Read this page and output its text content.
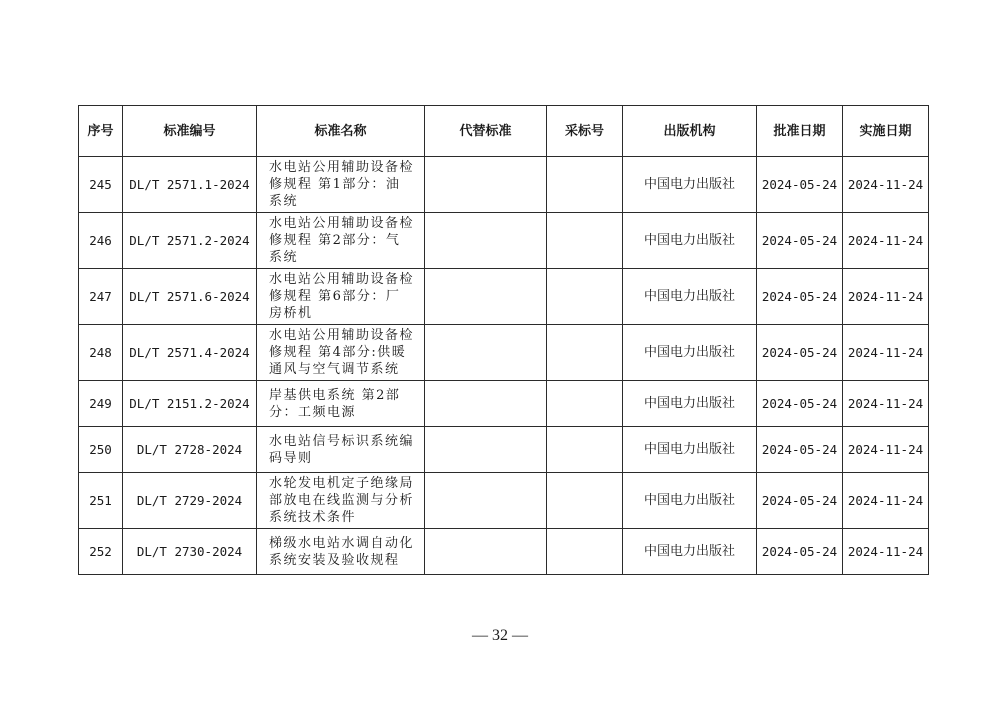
序号	标准编号	标准名称	代替标准	采标号	出版机构	批准日期	实施日期
245	DL/T 2571.1-2024	水电站公用辅助设备检修规程 第1部分：油系统			中国电力出版社	2024-05-24	2024-11-24
246	DL/T 2571.2-2024	水电站公用辅助设备检修规程 第2部分：气系统			中国电力出版社	2024-05-24	2024-11-24
247	DL/T 2571.6-2024	水电站公用辅助设备检修规程 第6部分：厂房桥机			中国电力出版社	2024-05-24	2024-11-24
248	DL/T 2571.4-2024	水电站公用辅助设备检修规程 第4部分:供暖通风与空气调节系统			中国电力出版社	2024-05-24	2024-11-24
249	DL/T 2151.2-2024	岸基供电系统 第2部分：工频电源			中国电力出版社	2024-05-24	2024-11-24
250	DL/T 2728-2024	水电站信号标识系统编码导则			中国电力出版社	2024-05-24	2024-11-24
251	DL/T 2729-2024	水轮发电机定子绝缘局部放电在线监测与分析系统技术条件			中国电力出版社	2024-05-24	2024-11-24
252	DL/T 2730-2024	梯级水电站水调自动化系统安装及验收规程			中国电力出版社	2024-05-24	2024-11-24
— 32 —
